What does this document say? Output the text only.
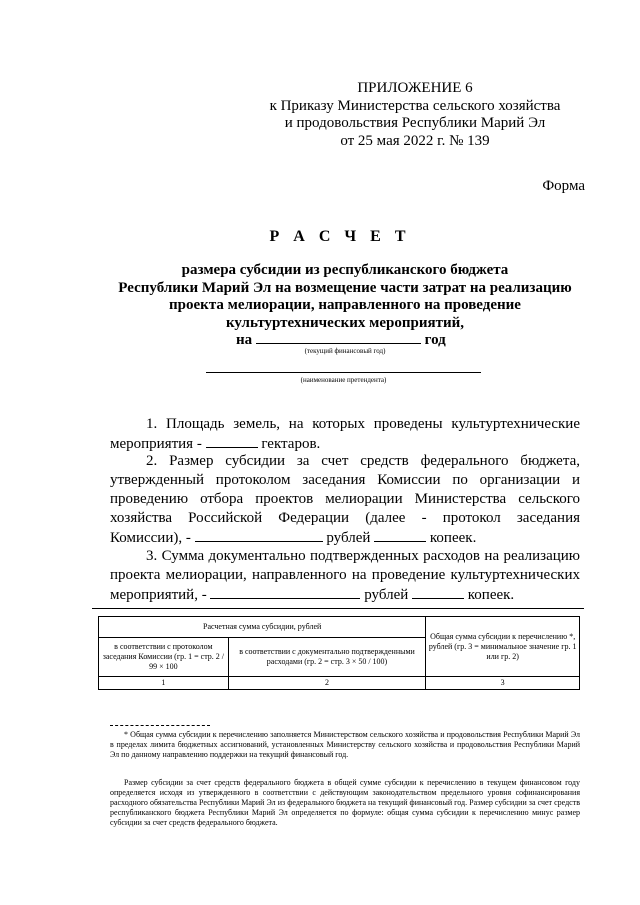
ПРИЛОЖЕНИЕ 6
к Приказу Министерства сельского хозяйства
и продовольствия Республики Марий Эл
от 25 мая 2022 г. № 139
Форма
Р А С Ч Е Т
размера субсидии из республиканского бюджета
Республики Марий Эл на возмещение части затрат на реализацию
проекта мелиорации, направленного на проведение
культуртехнических мероприятий,
на	год
(текущий финансовый год)
(наименование претендента)
1. Площадь земель, на которых проведены культуртехнические мероприятия -	гектаров.
2. Размер субсидии за счет средств федерального бюджета, утвержденный протоколом заседания Комиссии по организации и проведению отбора проектов мелиорации Министерства сельского хозяйства Российской Федерации (далее - протокол заседания Комиссии), -	рублей	копеек.
3. Сумма документально подтвержденных расходов на реализацию проекта мелиорации, направленного на проведение культуртехнических мероприятий, -	рублей	копеек.
Расчетная сумма субсидии, рублей		Общая сумма субсидии к перечислению *, рублей (гр. 3 = минимальное значение гр. 1 или гр. 2)
в соответствии с протоколом заседания Комиссии (гр. 1 = стр. 2 / 99 × 100	в соответствии с документально подтвержденными расходами (гр. 2 = стр. 3 × 50 / 100)	
1	2	3
* Общая сумма субсидии к перечислению заполняется Министерством сельского хозяйства и продовольствия Республики Марий Эл в пределах лимита бюджетных ассигнований, установленных Министерству сельского хозяйства и продовольствия Республики Марий Эл по данному направлению поддержки на текущий финансовый год.
Размер субсидии за счет средств федерального бюджета в общей сумме субсидии к перечислению в текущем финансовом году определяется исходя из утвержденного в соответствии с действующим законодательством предельного уровня софинансирования расходного обязательства Республики Марий Эл из федерального бюджета на текущий финансовый год. Размер субсидии за счет средств республиканского бюджета Республики Марий Эл определяется по формуле: общая сумма субсидии к перечислению минус размер субсидии за счет средств федерального бюджета.
